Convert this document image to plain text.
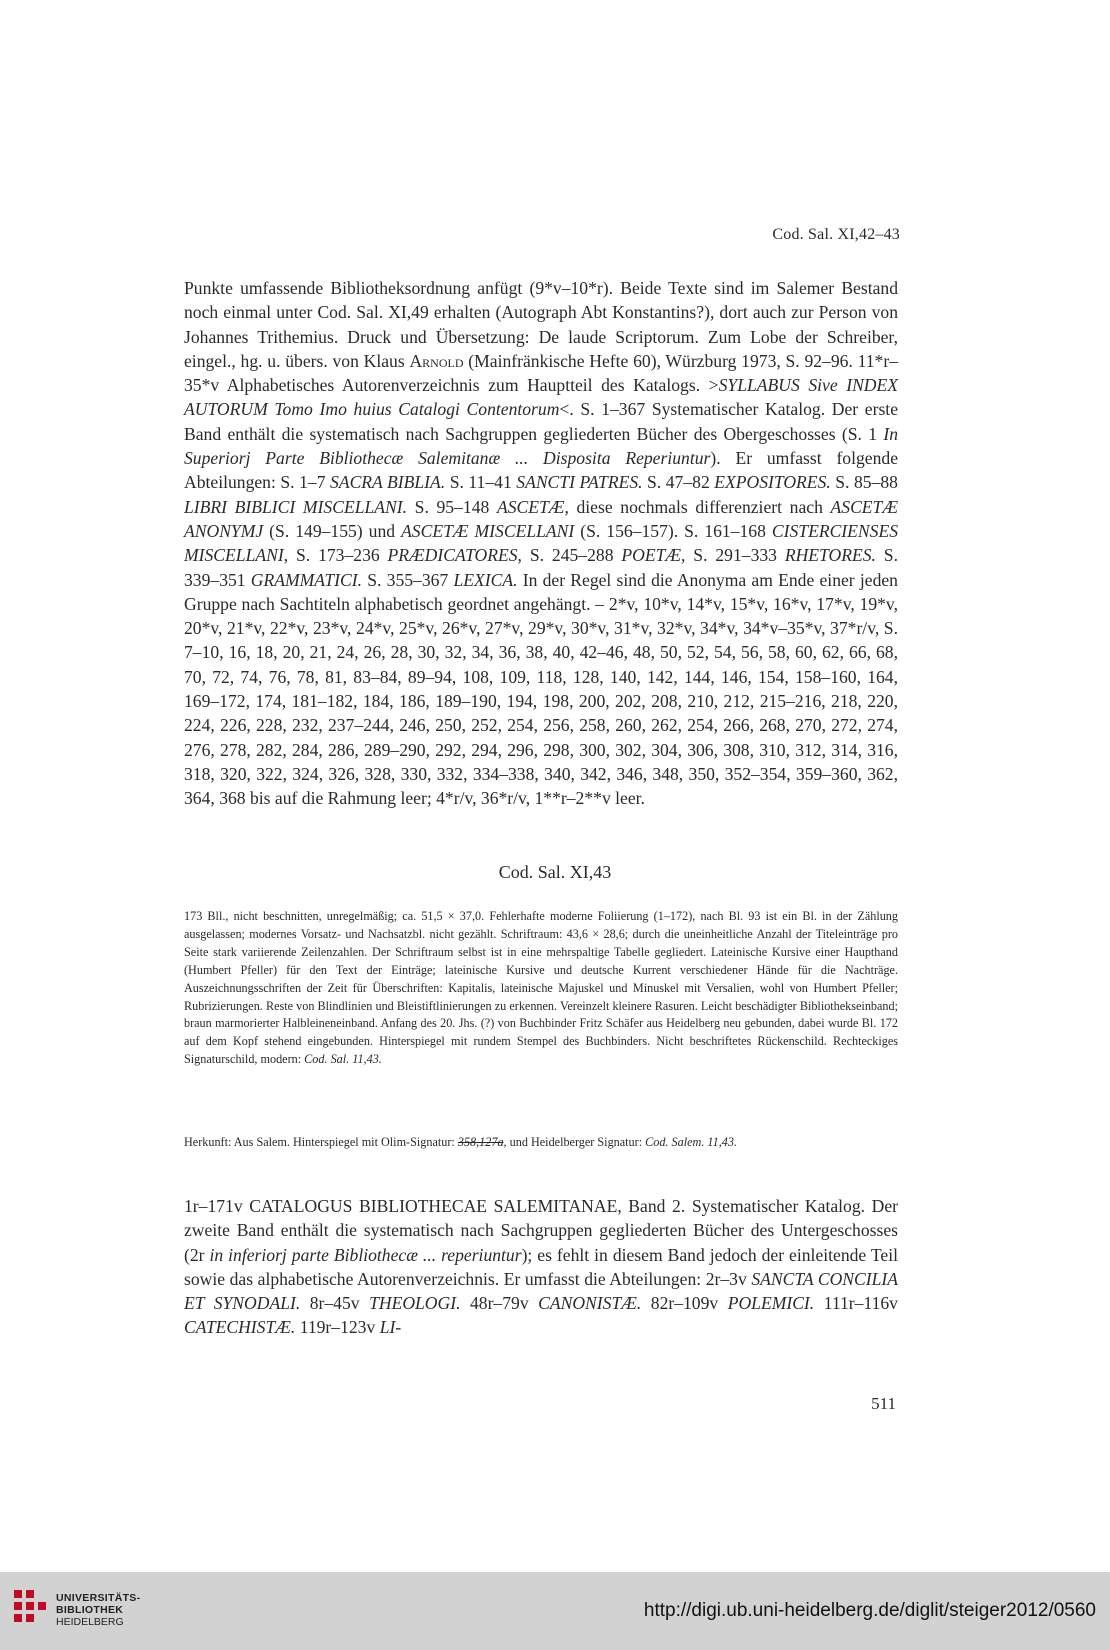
Cod. Sal. XI,42–43

Punkte umfassende Bibliotheksordnung anfügt (9*v–10*r). Beide Texte sind im Salemer Bestand noch einmal unter Cod. Sal. XI,49 erhalten (Autograph Abt Konstantins?), dort auch zur Person von Johannes Trithemius. Druck und Übersetzung: De laude Scriptorum. Zum Lobe der Schreiber, eingel., hg. u. übers. von Klaus Arnold (Mainfränkische Hefte 60), Würzburg 1973, S. 92–96. 11*r–35*v Alphabetisches Autorenverzeichnis zum Hauptteil des Katalogs. >SYLLABUS Sive INDEX AUTORUM Tomo Imo huius Catalogi Contentorum<. S. 1–367 Systematischer Katalog. Der erste Band enthält die systematisch nach Sachgruppen gegliederten Bücher des Obergeschosses (S. 1 In Superiorj Parte Bibliothecæ Salemitanæ ... Disposita Reperiuntur). Er umfasst folgende Abteilungen: S. 1–7 SACRA BIBLIA. S. 11–41 SANCTI PATRES. S. 47–82 EXPOSITORES. S. 85–88 LIBRI BIBLICI MISCELLANI. S. 95–148 ASCETÆ, diese nochmals differenziert nach ASCETÆ ANONYMJ (S. 149–155) und ASCETÆ MISCELLANI (S. 156–157). S. 161–168 CISTERCIENSES MISCELLANI, S. 173–236 PRÆDICATORES, S. 245–288 POETÆ, S. 291–333 RHETORES. S. 339–351 GRAMMATICI. S. 355–367 LEXICA. In der Regel sind die Anonyma am Ende einer jeden Gruppe nach Sachtiteln alphabetisch geordnet angehängt. – 2*v, 10*v, 14*v, 15*v, 16*v, 17*v, 19*v, 20*v, 21*v, 22*v, 23*v, 24*v, 25*v, 26*v, 27*v, 29*v, 30*v, 31*v, 32*v, 34*v, 34*v–35*v, 37*r/v, S. 7–10, 16, 18, 20, 21, 24, 26, 28, 30, 32, 34, 36, 38, 40, 42–46, 48, 50, 52, 54, 56, 58, 60, 62, 66, 68, 70, 72, 74, 76, 78, 81, 83–84, 89–94, 108, 109, 118, 128, 140, 142, 144, 146, 154, 158–160, 164, 169–172, 174, 181–182, 184, 186, 189–190, 194, 198, 200, 202, 208, 210, 212, 215–216, 218, 220, 224, 226, 228, 232, 237–244, 246, 250, 252, 254, 256, 258, 260, 262, 254, 266, 268, 270, 272, 274, 276, 278, 282, 284, 286, 289–290, 292, 294, 296, 298, 300, 302, 304, 306, 308, 310, 312, 314, 316, 318, 320, 322, 324, 326, 328, 330, 332, 334–338, 340, 342, 346, 348, 350, 352–354, 359–360, 362, 364, 368 bis auf die Rahmung leer; 4*r/v, 36*r/v, 1**r–2**v leer.

Cod. Sal. XI,43

173 Bll., nicht beschnitten, unregelmäßig; ca. 51,5 × 37,0. Fehlerhafte moderne Foliierung (1–172), nach Bl. 93 ist ein Bl. in der Zählung ausgelassen; modernes Vorsatz- und Nachsatzbl. nicht gezählt. Schriftraum: 43,6 × 28,6; durch die uneinheitliche Anzahl der Titeleinträge pro Seite stark variierende Zeilenzahlen. Der Schriftraum selbst ist in eine mehrspaltige Tabelle gegliedert. Lateinische Kursive einer Haupthand (Humbert Pfeller) für den Text der Einträge; lateinische Kursive und deutsche Kurrent verschiedener Hände für die Nachträge. Auszeichnungsschriften der Zeit für Überschriften: Kapitalis, lateinische Majuskel und Minuskel mit Versalien, wohl von Humbert Pfeller; Rubrizierungen. Reste von Blindlinien und Bleistiftlinierungen zu erkennen. Vereinzelt kleinere Rasuren. Leicht beschädigter Bibliothekseinband; braun marmorierter Halbleineneinband. Anfang des 20. Jhs. (?) von Buchbinder Fritz Schäfer aus Heidelberg neu gebunden, dabei wurde Bl. 172 auf dem Kopf stehend eingebunden. Hinterspiegel mit rundem Stempel des Buchbinders. Nicht beschriftetes Rückenschild. Rechteckiges Signaturschild, modern: Cod. Sal. 11,43.

Herkunft: Aus Salem. Hinterspiegel mit Olim-Signatur: 358,127a, und Heidelberger Signatur: Cod. Salem. 11,43.

1r–171v CATALOGUS BIBLIOTHECAE SALEMITANAE, Band 2. Systematischer Katalog. Der zweite Band enthält die systematisch nach Sachgruppen gegliederten Bücher des Untergeschosses (2r in inferiorj parte Bibliothecæ ... reperiuntur); es fehlt in diesem Band jedoch der einleitende Teil sowie das alphabetische Autorenverzeichnis. Er umfasst die Abteilungen: 2r–3v SANCTA CONCILIA ET SYNODALI. 8r–45v THEOLOGI. 48r–79v CANONISTÆ. 82r–109v POLEMICI. 111r–116v CATECHISTÆ. 119r–123v LI-

511
UNIVERSITÄTS-
BIBLIOTHEK
HEIDELBERG
http://digi.ub.uni-heidelberg.de/diglit/steiger2012/0560
